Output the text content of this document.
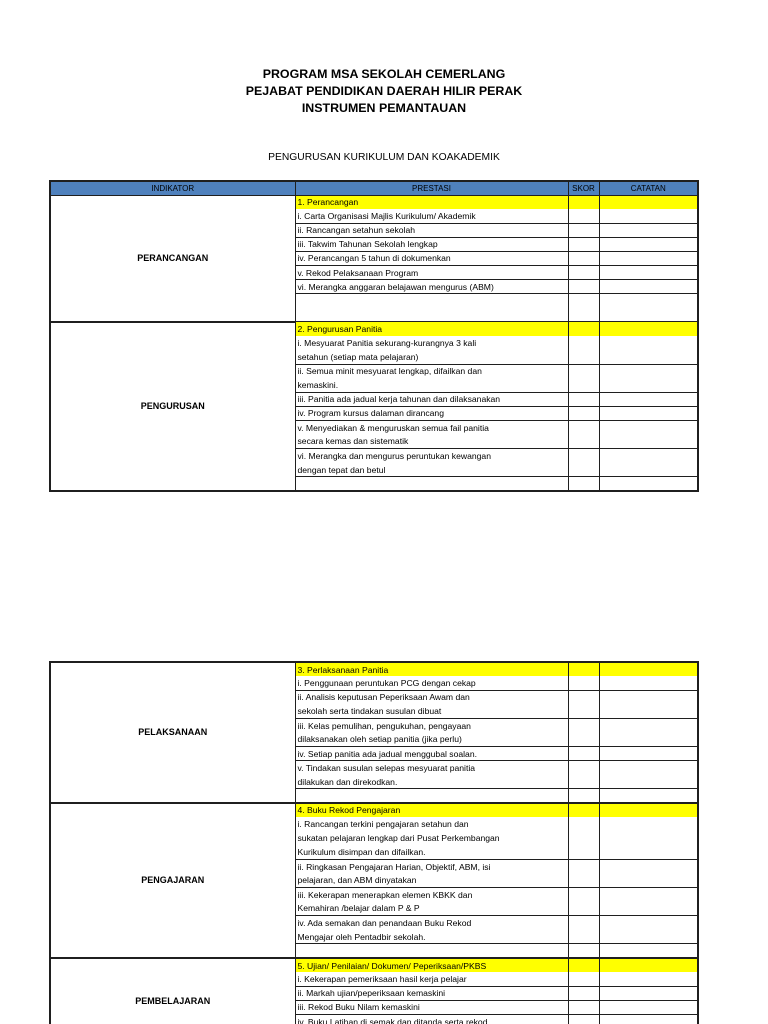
PROGRAM MSA SEKOLAH CEMERLANG
PEJABAT PENDIDIKAN DAERAH HILIR PERAK
INSTRUMEN PEMANTAUAN
PENGURUSAN KURIKULUM DAN KOAKADEMIK
INDIKATOR	PRESTASI	SKOR	CATATAN
PERANCANGAN	1. Perancangan		
	i. Carta Organisasi Majlis Kurikulum/ Akademik		
	ii. Rancangan setahun sekolah		
	iii. Takwim Tahunan Sekolah lengkap		
	iv. Perancangan 5 tahun di dokumenkan		
	v. Rekod Pelaksanaan Program		
	vi. Merangka anggaran belajawan mengurus (ABM)		

PENGURUSAN	2. Pengurusan Panitia		
	i. Mesyuarat Panitia sekurang-kurangnya 3 kali		
	setahun (setiap mata pelajaran)		
	ii. Semua minit mesyuarat lengkap, difailkan dan		
	kemaskini.		
	iii. Panitia ada jadual kerja tahunan dan dilaksanakan		
	iv. Program kursus dalaman dirancang		
	v. Menyediakan & menguruskan semua fail panitia		
	secara kemas dan sistematik		
	vi. Merangka dan mengurus peruntukan kewangan		
	dengan tepat dan betul		

PELAKSANAAN	3. Perlaksanaan Panitia		
	i. Penggunaan peruntukan PCG dengan cekap		
	ii. Analisis keputusan Peperiksaan Awam dan		
	sekolah serta tindakan susulan dibuat		
	iii. Kelas pemulihan, pengukuhan, pengayaan		
	dilaksanakan oleh setiap panitia (jika perlu)		
	iv. Setiap panitia ada jadual menggubal soalan.		
	v. Tindakan susulan selepas mesyuarat panitia		
	dilakukan dan direkodkan.		

PENGAJARAN	4. Buku Rekod Pengajaran		
	i. Rancangan terkini pengajaran setahun dan		
	sukatan pelajaran lengkap dari Pusat Perkembangan		
	Kurikulum disimpan dan difailkan.		
	ii. Ringkasan Pengajaran Harian, Objektif, ABM, isi		
	pelajaran, dan ABM dinyatakan		
	iii. Kekerapan menerapkan elemen KBKK dan		
	Kemahiran /belajar dalam P & P		
	iv. Ada semakan dan penandaan Buku Rekod		
	Mengajar oleh Pentadbir sekolah.		

PEMBELAJARAN	5. Ujian/ Penilaian/ Dokumen/ Peperiksaan/PKBS		
	i. Kekerapan pemeriksaan hasil kerja pelajar		
	ii. Markah ujian/peperiksaan kemaskini		
	iii. Rekod Buku Nilam kemaskini		
	iv. Buku Latihan di semak dan ditanda serta rekod		
